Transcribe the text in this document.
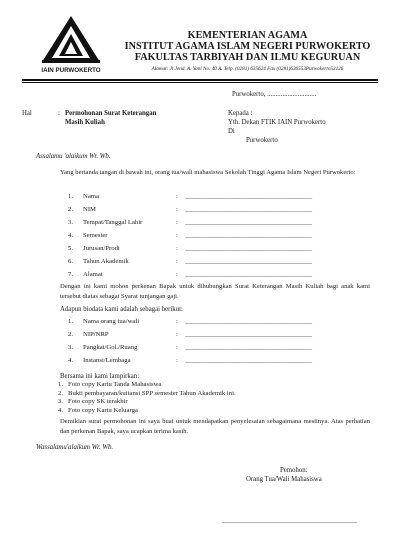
IAIN PURWOKERTO
KEMENTERIAN AGAMA
INSTITUT AGAMA ISLAM NEGERI PURWOKERTO
FAKULTAS TARBIYAH DAN ILMU KEGURUAN
Alamat: Jl Jend. A. Yani No. 40 A. Telp. (0281) 635624 Fax (0281)636553Purwokerto53126
Purwokerto, .............................
Hal	: Permohonan Surat Keterangan
Masih Kuliah
Kepada :
Yth. Dekan FTIK IAIN Purwokerto
Di
Purwokerto
Assalamu 'alaikum Wr. Wb.
Yang bertanda tangan di bawah ini, orang tua/wali mahasiswa Sekolah Tinggi Agama Islam Negeri Purwokerto:
1. Nama	: ______________________________________
2. NIM	: ______________________________________
3. Tempat/Tanggal Lahir	: ______________________________________
4. Semester	: ______________________________________
5. Jurusan/Prodi	: ______________________________________
6. Tahun Akademik	: ______________________________________
7. Alamat	: ______________________________________
Dengan ini kami mohon perkenan Bapak untuk dihubungkan Surat Keterangan Masih Kuliah bagi anak kami tersebut diatas sebagai Syarat tunjangan gaji.
Adapun biodata kami adalah sebagai berikut:
1. Nama orang tua/wali	: ______________________________________
2. NIP/NRP	: ______________________________________
3. Pangkat/Gol./Ruang	: ______________________________________
4. Instansi/Lembaga	: ______________________________________
Bersama ini kami lampirkan:
1. Foto copy Kartu Tanda Mahasiswa
2. Bukti pembayaran/kuitansi SPP semester Tahun Akademik ini.
3. Foto copy SK terakhir
4. Foto copy Kartu Keluarga
Demikian surat permohonan ini saya buat untuk mendapatkan penyelesaian sebagaimana mestinya. Atas perhatian dan perkenan Bapak, saya ucapkan terima kasih.
Wassalamu'alaikum Wr. Wb.
Pemohon:
Orang Tua/Wali Mahasiswa
_____________________________________________
